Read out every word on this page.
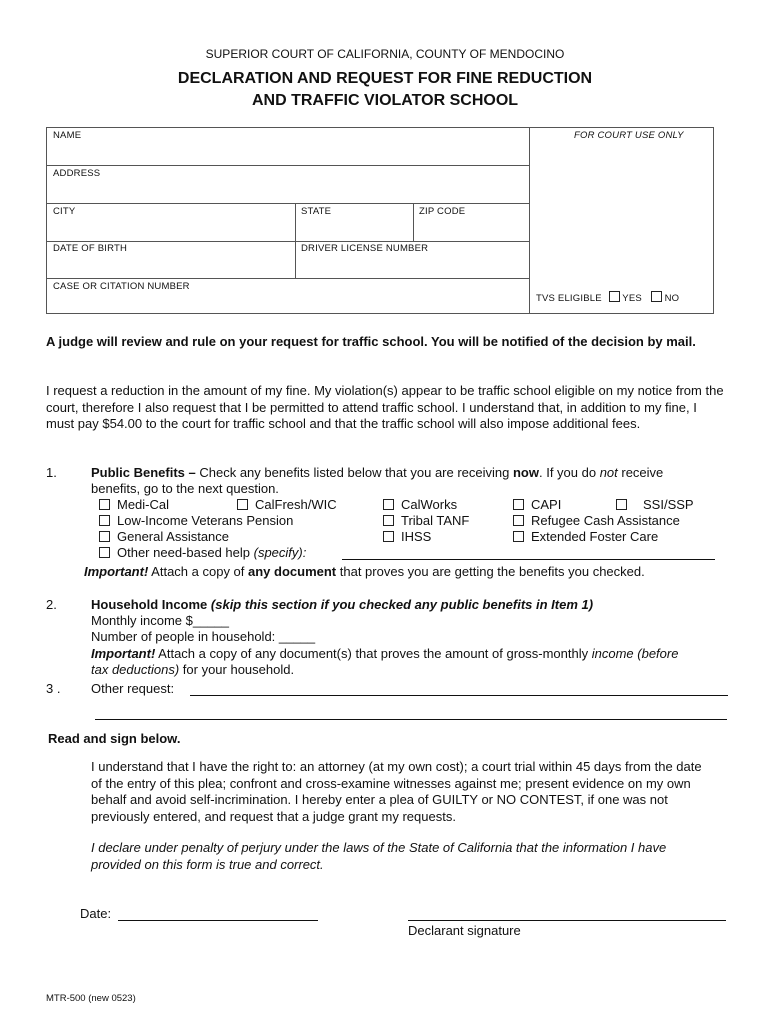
SUPERIOR COURT OF CALIFORNIA, COUNTY OF MENDOCINO
DECLARATION AND REQUEST FOR FINE REDUCTION
AND TRAFFIC VIOLATOR SCHOOL
NAME
ADDRESS
CITY	STATE	ZIP CODE
DATE OF BIRTH	DRIVER LICENSE NUMBER
CASE OR CITATION NUMBER
FOR COURT USE ONLY
TVS ELIGIBLE YES NO
A judge will review and rule on your request for traffic school. You will be notified of the decision by mail.
I request a reduction in the amount of my fine. My violation(s) appear to be traffic school eligible on my notice from the court, therefore I also request that I be permitted to attend traffic school. I understand that, in addition to my fine, I must pay $54.00 to the court for traffic school and that the traffic school will also impose additional fees.
1.	Public Benefits – Check any benefits listed below that you are receiving now. If you do not receive
benefits, go to the next question.
Medi-Cal	CalFresh/WIC	CalWorks	CAPI	SSI/SSP
Low-Income Veterans Pension	Tribal TANF	Refugee Cash Assistance
General Assistance	IHSS	Extended Foster Care
Other need-based help (specify):
Important! Attach a copy of any document that proves you are getting the benefits you checked.
2.	Household Income (skip this section if you checked any public benefits in Item 1)
Monthly income $_____
Number of people in household: _____
Important! Attach a copy of any document(s) that proves the amount of gross-monthly income (before
tax deductions) for your household.
3 . Other request:
Read and sign below.
I understand that I have the right to: an attorney (at my own cost); a court trial within 45 days from the date of the entry of this plea; confront and cross-examine witnesses against me; present evidence on my own behalf and avoid self-incrimination. I hereby enter a plea of GUILTY or NO CONTEST, if one was not previously entered, and request that a judge grant my requests.
I declare under penalty of perjury under the laws of the State of California that the information I have provided on this form is true and correct.
Date:
Declarant signature
MTR-500 (new 0523)
